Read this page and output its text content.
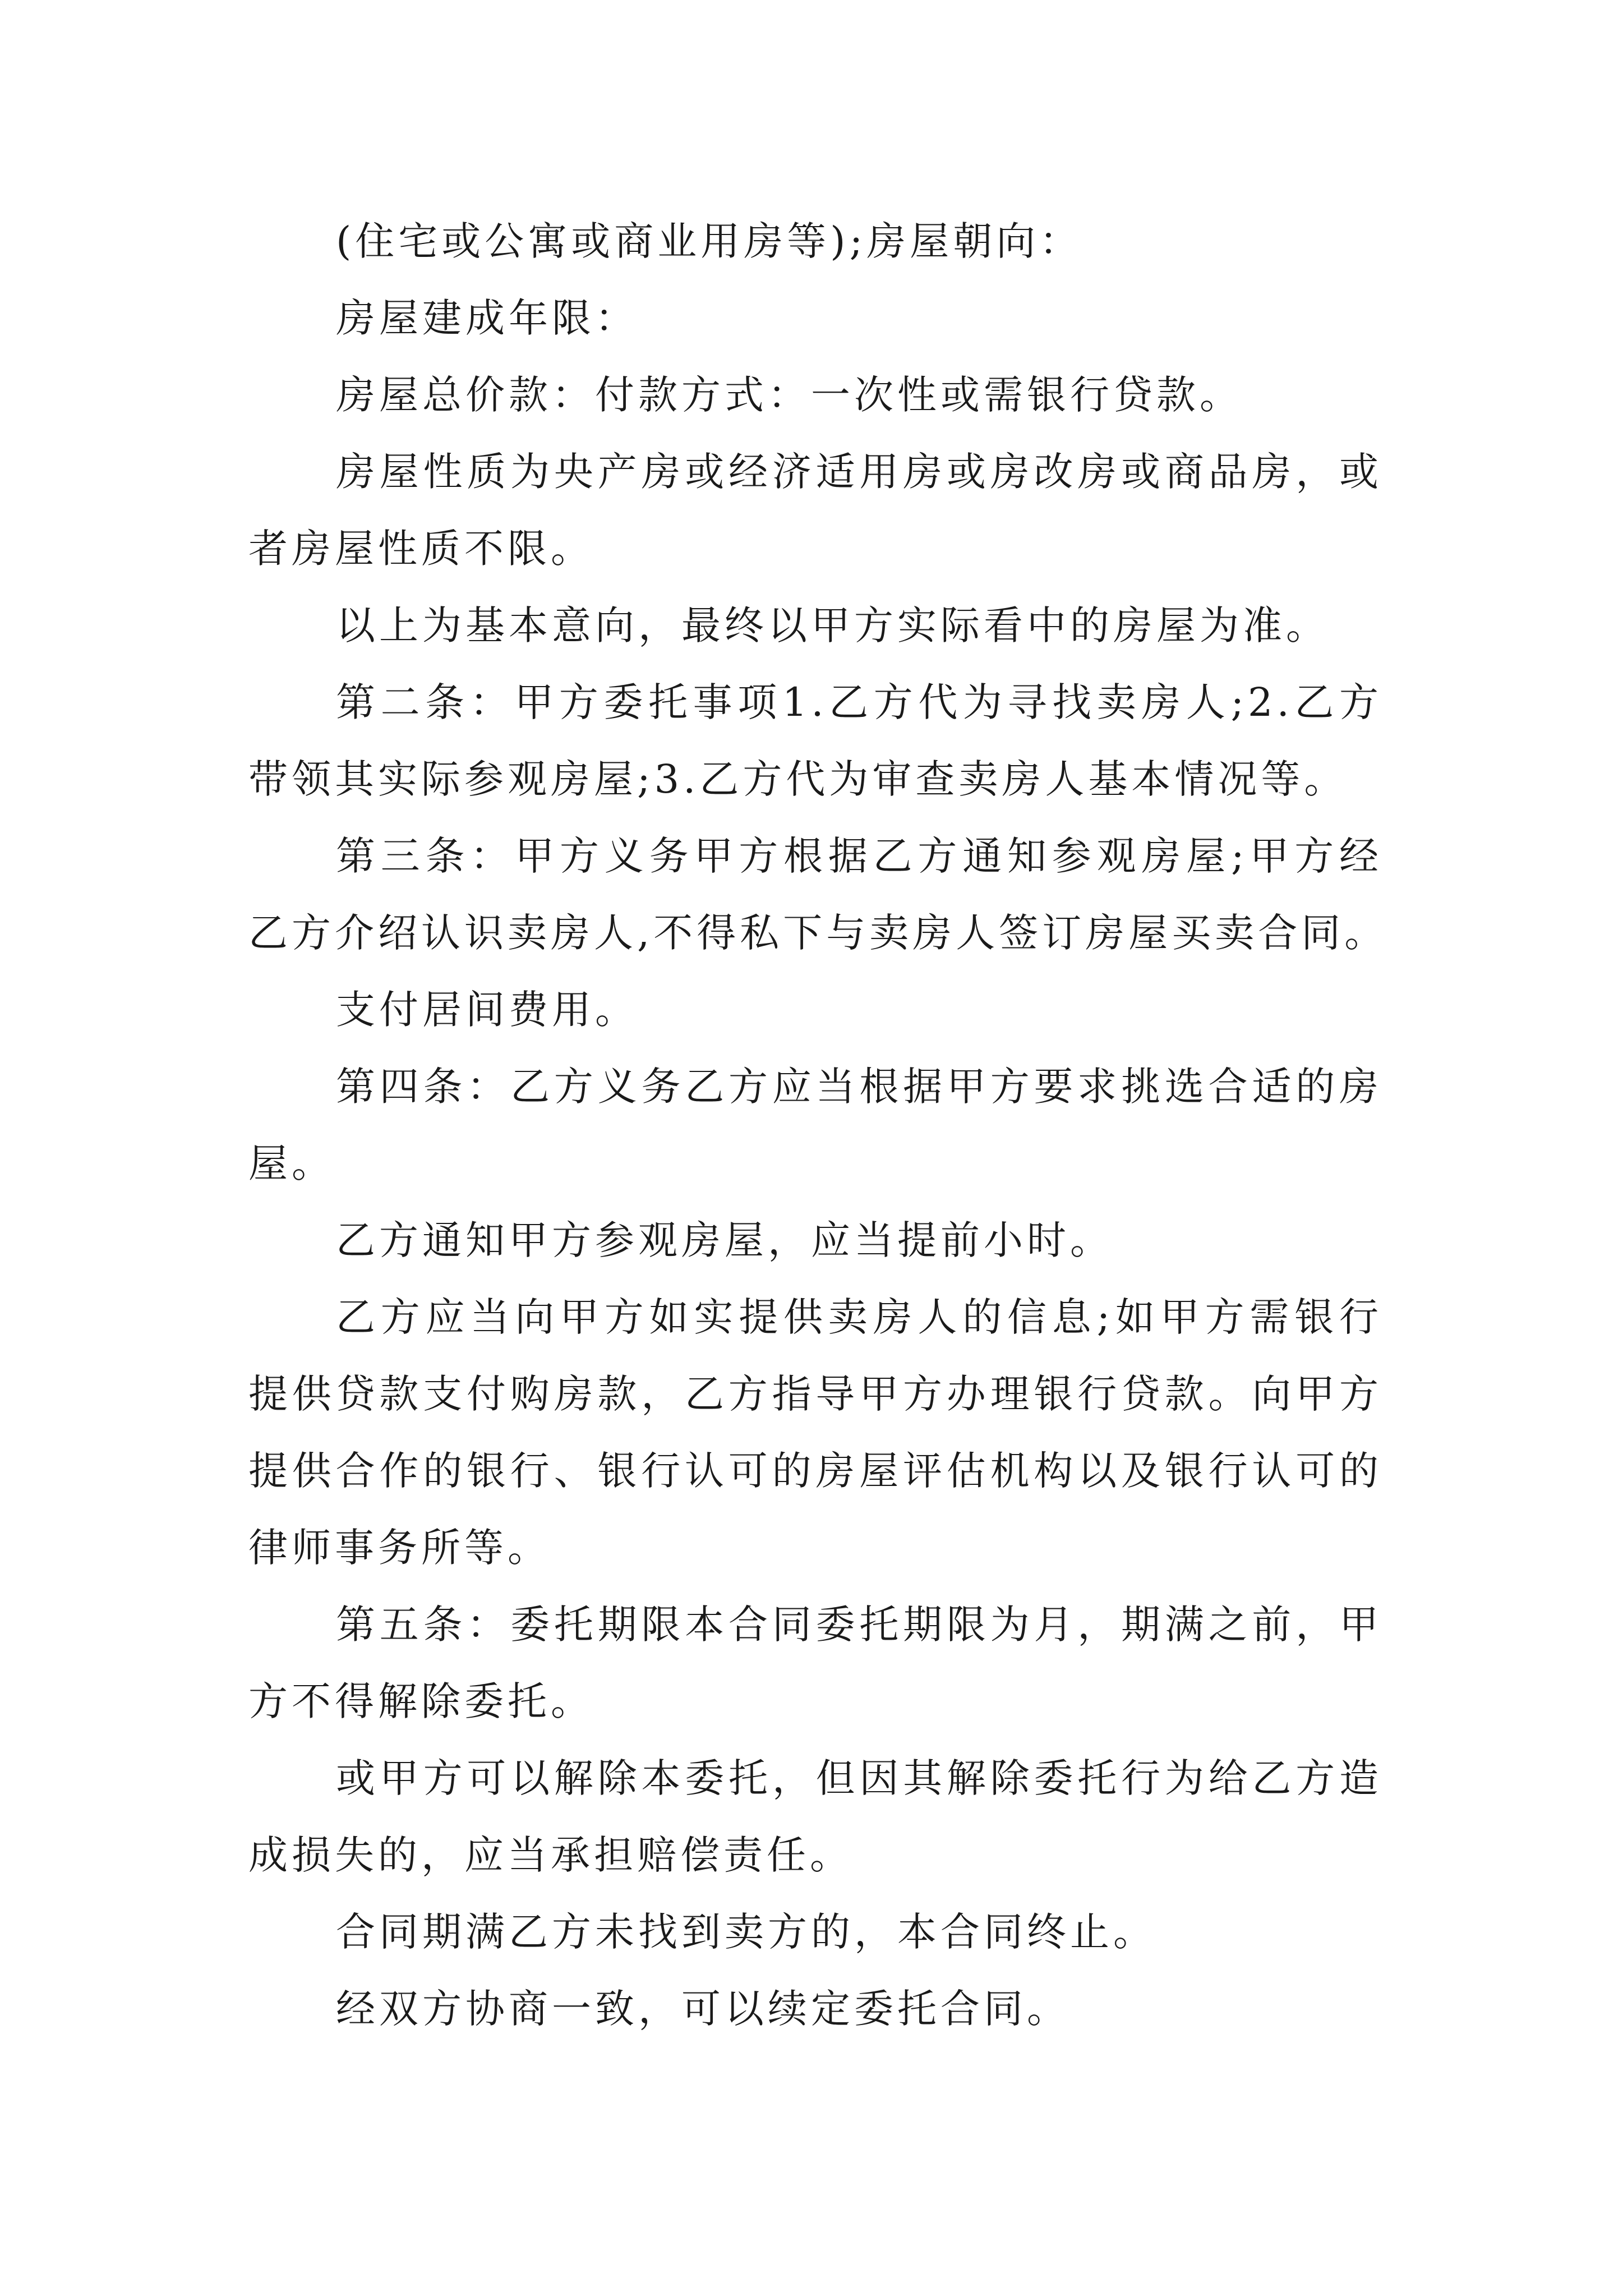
(住宅或公寓或商业用房等);房屋朝向：
房屋建成年限：
房屋总价款：付款方式：一次性或需银行贷款。
房屋性质为央产房或经济适用房或房改房或商品房，或
者房屋性质不限。
以上为基本意向，最终以甲方实际看中的房屋为准。
第二条：甲方委托事项1.乙方代为寻找卖房人;2.乙方
带领其实际参观房屋;3.乙方代为审查卖房人基本情况等。
第三条：甲方义务甲方根据乙方通知参观房屋;甲方经
乙方介绍认识卖房人,不得私下与卖房人签订房屋买卖合同。
支付居间费用。
第四条：乙方义务乙方应当根据甲方要求挑选合适的房
屋。
乙方通知甲方参观房屋，应当提前小时。
乙方应当向甲方如实提供卖房人的信息;如甲方需银行
提供贷款支付购房款，乙方指导甲方办理银行贷款。向甲方
提供合作的银行、银行认可的房屋评估机构以及银行认可的
律师事务所等。
第五条：委托期限本合同委托期限为月，期满之前，甲
方不得解除委托。
或甲方可以解除本委托，但因其解除委托行为给乙方造
成损失的，应当承担赔偿责任。
合同期满乙方未找到卖方的，本合同终止。
经双方协商一致，可以续定委托合同。
